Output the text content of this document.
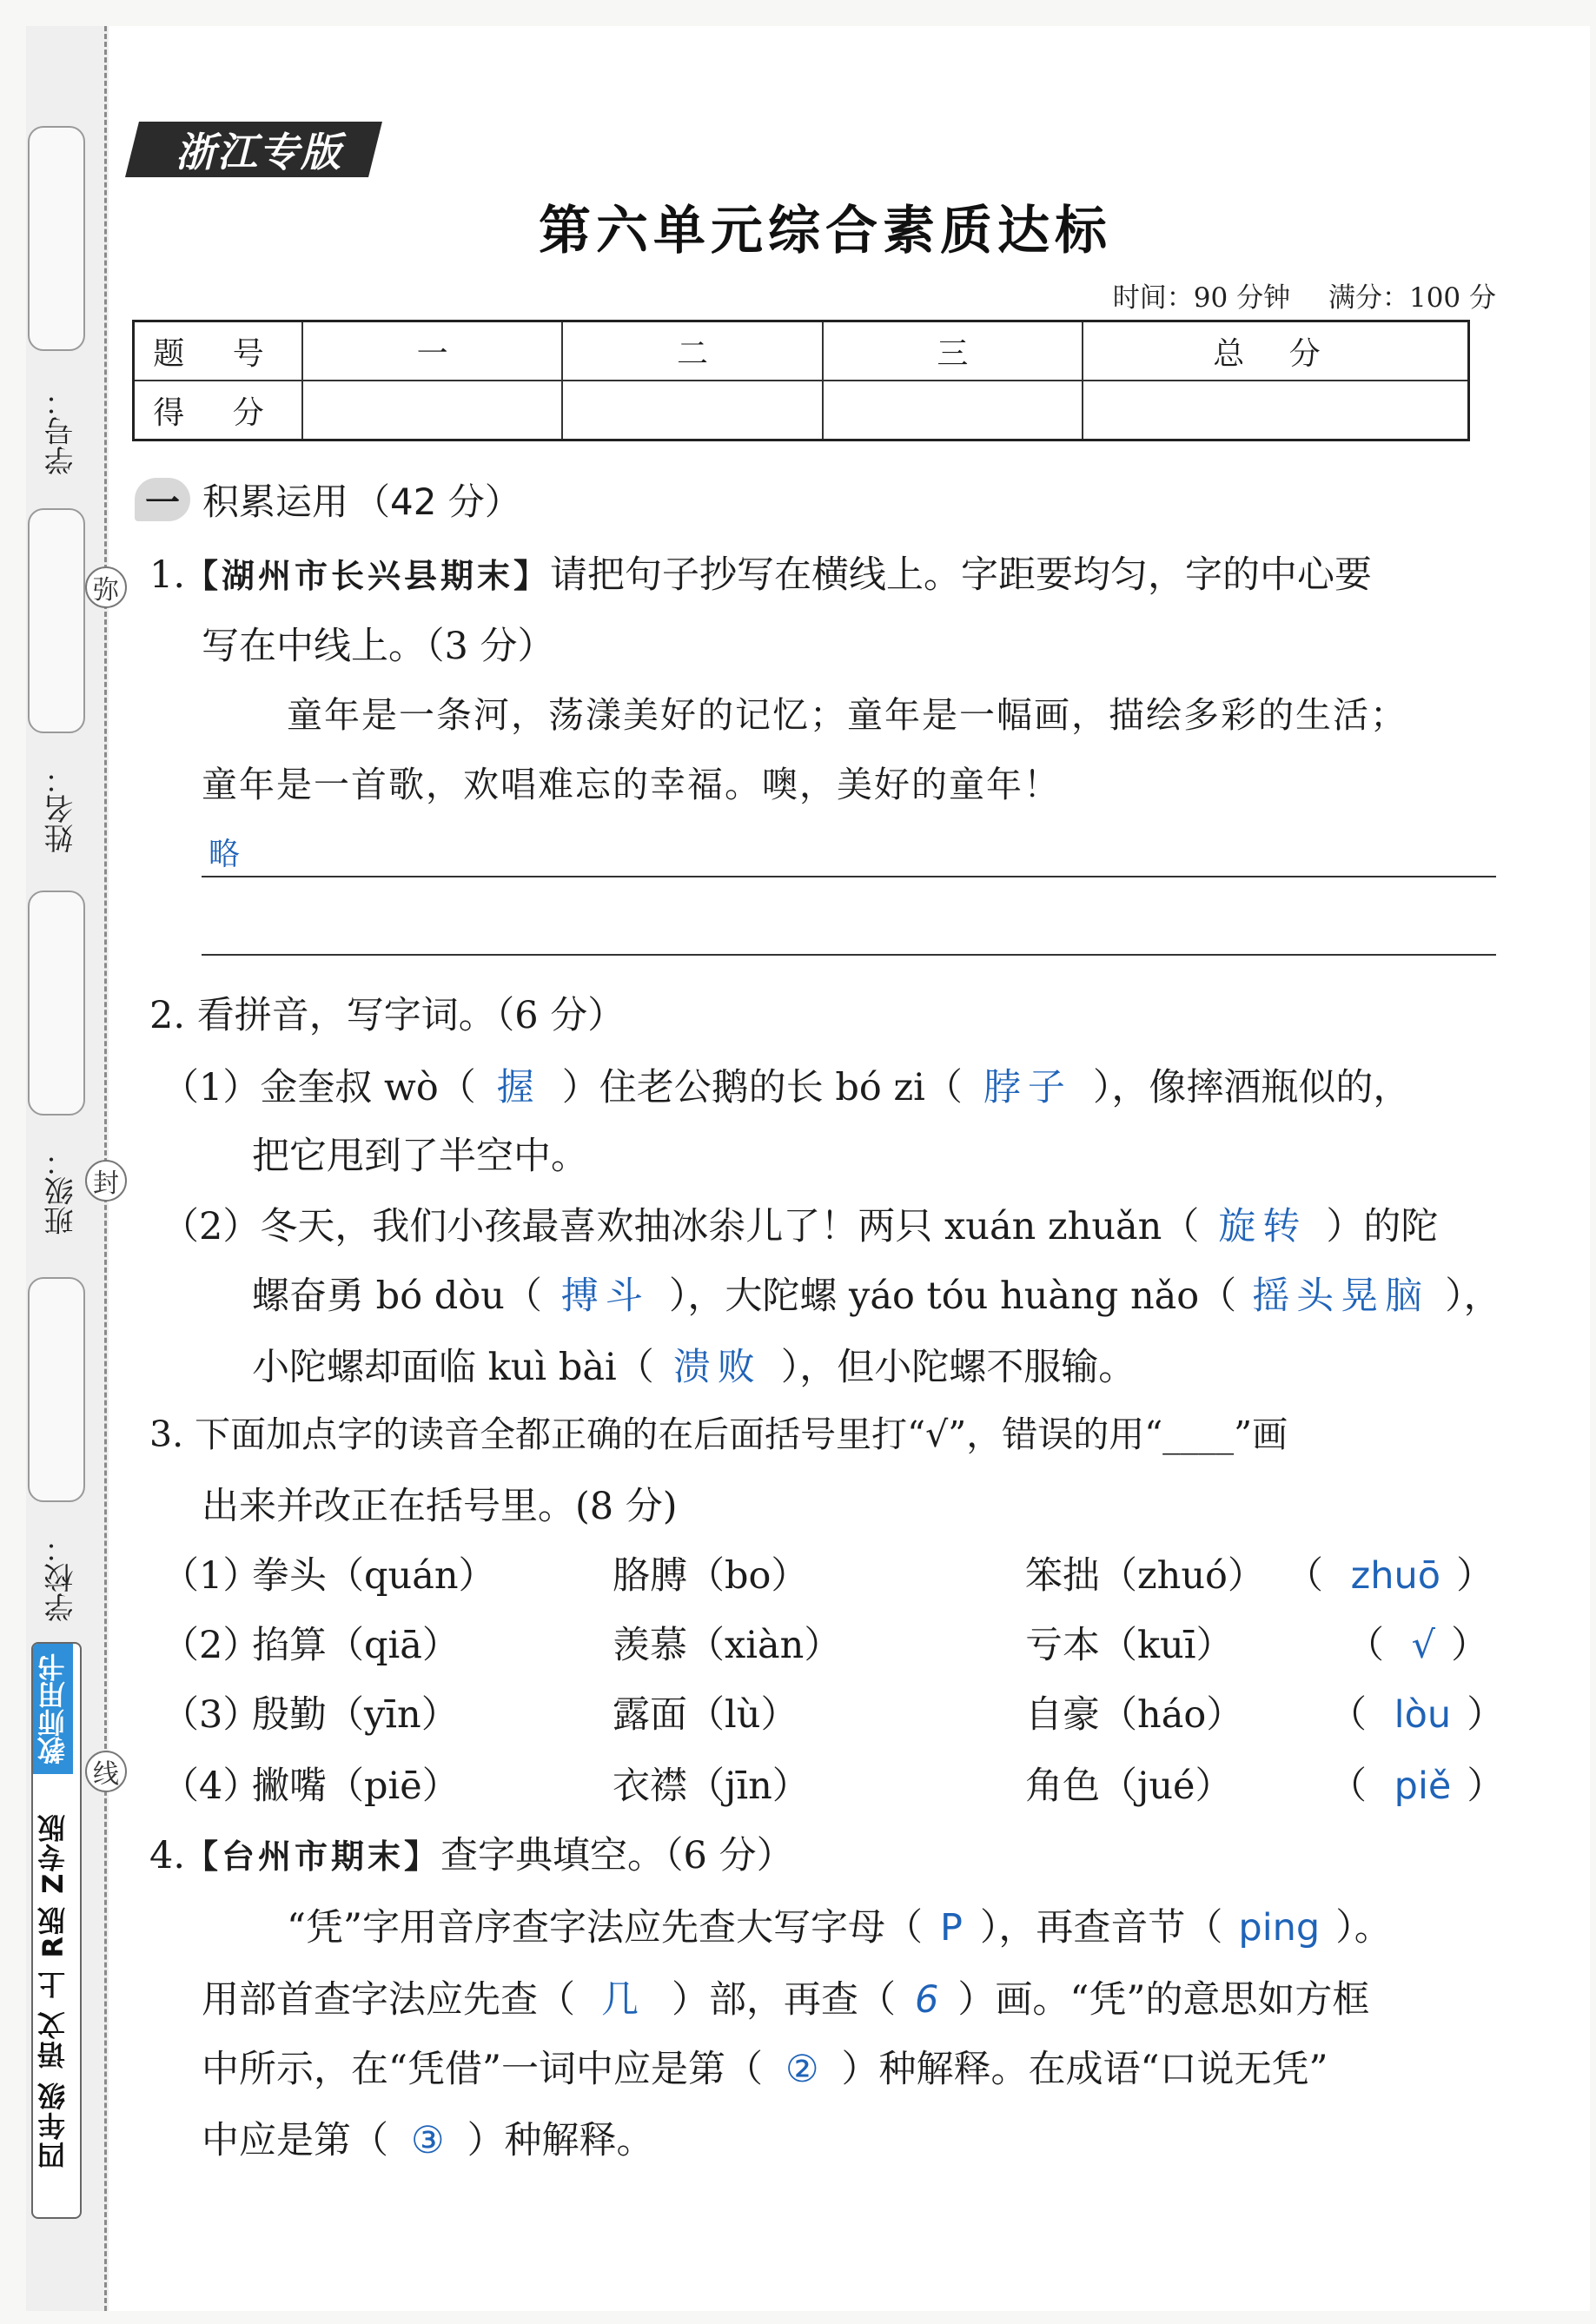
学号：
姓名：
班级：
学校：
弥
封
线
教师用书
四年级 语文 上 R版 Z专版
浙江专版
第六单元综合素质达标
时间：90 分钟 满分：100 分
题 号	一	二	三	总 分
得 分				
一 积累运用 （42 分）
1.【湖州市长兴县期末】请把句子抄写在横线上。字距要均匀，字的中心要
写在中线上。（3 分）
童年是一条河，荡漾美好的记忆；童年是一幅画，描绘多彩的生活；
童年是一首歌，欢唱难忘的幸福。噢，美好的童年！
略
2. 看拼音，写字词。（6 分）
（1）金奎叔 wò（ 握 ）住老公鹅的长 bó zi（ 脖子 ），像摔酒瓶似的，
把它甩到了半空中。
（2）冬天，我们小孩最喜欢抽冰尜儿了！两只 xuán zhuǎn（ 旋转 ）的陀
螺奋勇 bó dòu（ 搏斗 ），大陀螺 yáo tóu huàng nǎo（ 摇头晃脑 ），
小陀螺却面临 kuì bài（ 溃败 ），但小陀螺不服输。
3. 下面加点字的读音全都正确的在后面括号里打“√”，错误的用“____”画
出来并改正在括号里。(8 分)
（1）
拳头（quán）	胳膊（bo）	笨拙（zhuó） （ zhuō ）
（2）
掐算（qiā）	羡慕（xiàn）	亏本（kuī）	（ √ ）
（3）
殷勤（yīn）	露面（lù）	自豪（háo） （ lòu ）
（4）
撇嘴（piē）	衣襟（jīn）	角色（jué）	（ piě ）
4.【台州市期末】查字典填空。（6 分）
“凭”字用音序查字法应先查大写字母（ P ），再查音节（ ping ）。
用部首查字法应先查（ 几 ）部，再查（ 6 ）画。“凭”的意思如方框
中所示，在“凭借”一词中应是第（ ② ）种解释。在成语“口说无凭”
中应是第（ ③ ）种解释。
